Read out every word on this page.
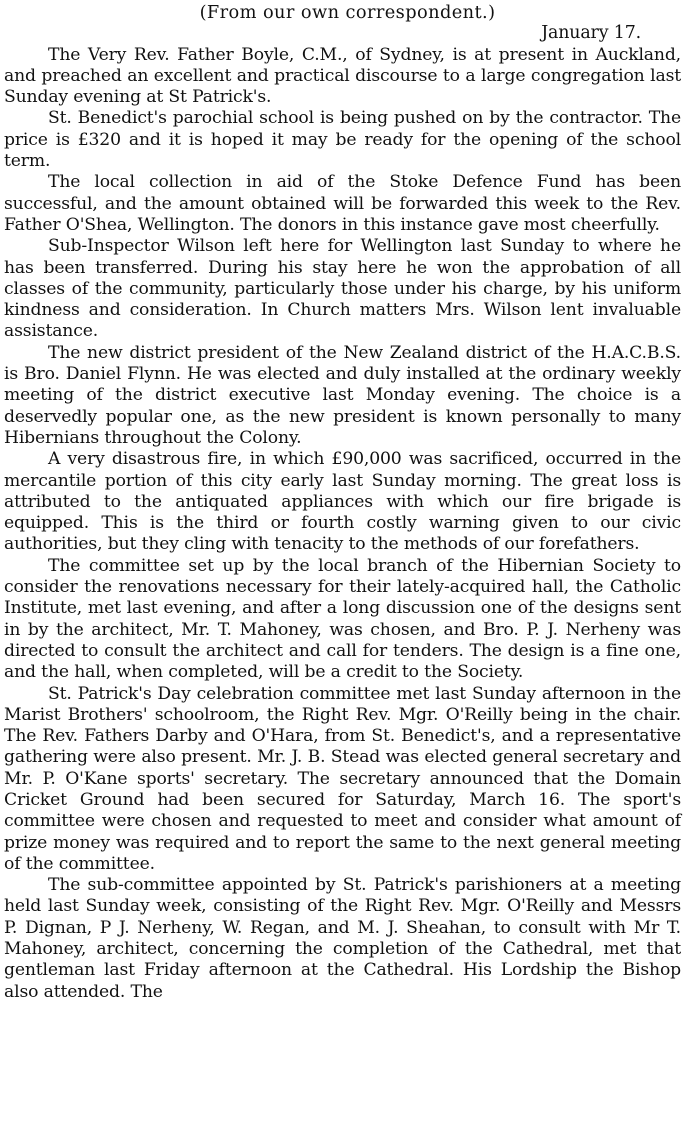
(From our own correspondent.)

January 17.

The Very Rev. Father Boyle, C.M., of Sydney, is at present in Auckland, and preached an excellent and practical discourse to a large congregation last Sunday evening at St Patrick's.

St. Benedict's parochial school is being pushed on by the contractor. The price is £320 and it is hoped it may be ready for the opening of the school term.

The local collection in aid of the Stoke Defence Fund has been successful, and the amount obtained will be forwarded this week to the Rev. Father O'Shea, Wellington. The donors in this instance gave most cheerfully.

Sub-Inspector Wilson left here for Wellington last Sunday to where he has been transferred. During his stay here he won the approbation of all classes of the community, particularly those under his charge, by his uniform kindness and consideration. In Church matters Mrs. Wilson lent invaluable assistance.

The new district president of the New Zealand district of the H.A.C.B.S. is Bro. Daniel Flynn. He was elected and duly installed at the ordinary weekly meeting of the district executive last Monday evening. The choice is a deservedly popular one, as the new president is known personally to many Hibernians throughout the Colony.

A very disastrous fire, in which £90,000 was sacrificed, occurred in the mercantile portion of this city early last Sunday morning. The great loss is attributed to the antiquated appliances with which our fire brigade is equipped. This is the third or fourth costly warning given to our civic authorities, but they cling with tenacity to the methods of our forefathers.

The committee set up by the local branch of the Hibernian Society to consider the renovations necessary for their lately-acquired hall, the Catholic Institute, met last evening, and after a long discussion one of the designs sent in by the architect, Mr. T. Mahoney, was chosen, and Bro. P. J. Nerheny was directed to consult the architect and call for tenders. The design is a fine one, and the hall, when completed, will be a credit to the Society.

St. Patrick's Day celebration committee met last Sunday afternoon in the Marist Brothers' schoolroom, the Right Rev. Mgr. O'Reilly being in the chair. The Rev. Fathers Darby and O'Hara, from St. Benedict's, and a representative gathering were also present. Mr. J. B. Stead was elected general secretary and Mr. P. O'Kane sports' secretary. The secretary announced that the Domain Cricket Ground had been secured for Saturday, March 16. The sport's committee were chosen and requested to meet and consider what amount of prize money was required and to report the same to the next general meeting of the committee.

The sub-committee appointed by St. Patrick's parishioners at a meeting held last Sunday week, consisting of the Right Rev. Mgr. O'Reilly and Messrs P. Dignan, P J. Nerheny, W. Regan, and M. J. Sheahan, to consult with Mr T. Mahoney, architect, concerning the completion of the Cathedral, met that gentleman last Friday afternoon at the Cathedral. His Lordship the Bishop also attended. The
